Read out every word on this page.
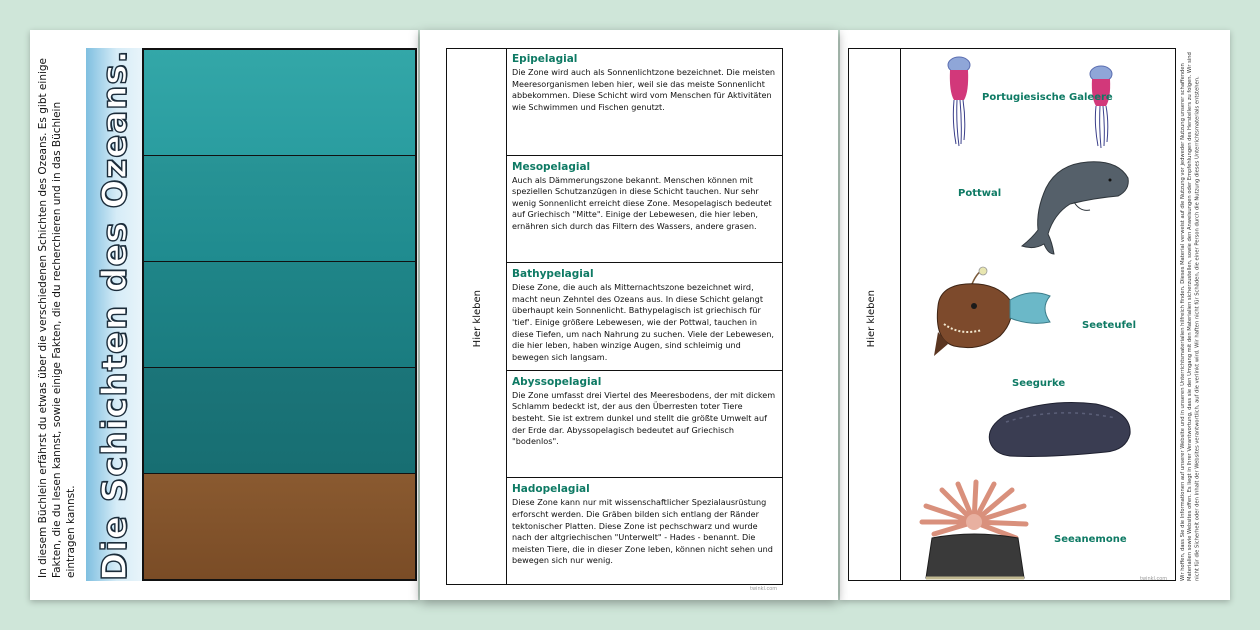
In diesem Büchlein erfährst du etwas über die verschiedenen Schichten des Ozeans. Es gibt einige Fakten, die du lesen kannst, sowie einige Fakten, die du recherchieren und in das Büchlein eintragen kannst. Die Schichten des Ozeans.	Hier kleben
Epipelagial

Die Zone wird auch als Sonnenlichtzone bezeichnet. Die meisten Meeresorganismen leben hier, weil sie das meiste Sonnenlicht abbekommen. Diese Schicht wird vom Menschen für Aktivitäten wie Schwimmen und Fischen genutzt.

Mesopelagial

Auch als Dämmerungszone bekannt. Menschen können mit speziellen Schutzanzügen in diese Schicht tauchen. Nur sehr wenig Sonnenlicht erreicht diese Zone. Mesopelagisch bedeutet auf Griechisch "Mitte". Einige der Lebewesen, die hier leben, ernähren sich durch das Filtern des Wassers, andere grasen.

Bathypelagial

Diese Zone, die auch als Mitternachtszone bezeichnet wird, macht neun Zehntel des Ozeans aus. In diese Schicht gelangt überhaupt kein Sonnenlicht. Bathypelagisch ist griechisch für 'tief'. Einige größere Lebewesen, wie der Pottwal, tauchen in diese Tiefen, um nach Nahrung zu suchen. Viele der Lebewesen, die hier leben, haben winzige Augen, sind schleimig und bewegen sich langsam.

Abyssopelagial

Die Zone umfasst drei Viertel des Meeresbodens, der mit dickem Schlamm bedeckt ist, der aus den Überresten toter Tiere besteht. Sie ist extrem dunkel und stellt die größte Umwelt auf der Erde dar. Abyssopelagisch bedeutet auf Griechisch "bodenlos".

Hadopelagial

Diese Zone kann nur mit wissenschaftlicher Spezialausrüstung erforscht werden. Die Gräben bilden sich entlang der Ränder tektonischer Platten. Diese Zone ist pechschwarz und wurde nach der altgriechischen "Unterwelt" - Hades - benannt. Die meisten Tiere, die in dieser Zone leben, können nicht sehen und bewegen sich nur wenig.

twinkl.com
Hier kleben
Portugiesische Galeere
Pottwal
Seeteufel
Seegurke
Seeanemone	Wir hoffen, dass Sie die Informationen auf unserer Website und in unseren Unterrichtsmaterialien hilfreich finden. Dieses Material verweist auf die Nutzung vor jedweder Nutzung unserer schaffenden Materialien sowie Websites offen. Es liegt in Ihrer Verantwortung, dass sie den Umgang mit den Materialien sicherzustellen, sowie den Anweisungen oder Empfehlungen des Herstellers zu folgen. Wir sind nicht für die Sicherheit oder den Inhalt der Websites verantwortlich, auf die verlinkt wird. Wir haften nicht für Schäden, die einer Person durch die Nutzung dieses Unterrichtsmaterials entstehen.
twinkl.com
